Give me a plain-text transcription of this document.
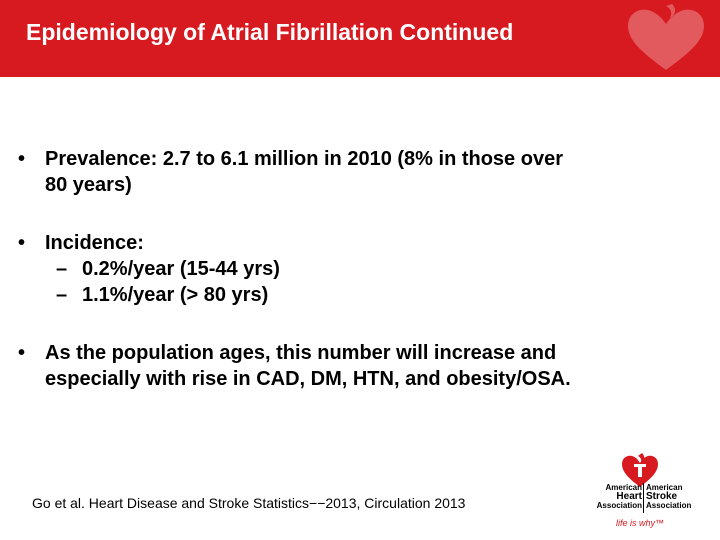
Epidemiology of Atrial Fibrillation Continued
• Prevalence: 2.7 to 6.1 million in 2010 (8% in those over
80 years)
• Incidence:
– 0.2%/year (15-44 yrs)
– 1.1%/year (> 80 yrs)
• As the population ages, this number will increase and
especially with rise in CAD, DM, HTN, and obesity/OSA.
Go et al. Heart Disease and Stroke Statistics−−2013, Circulation 2013
American
Heart
Association
American
Stroke
Association
life is why™
